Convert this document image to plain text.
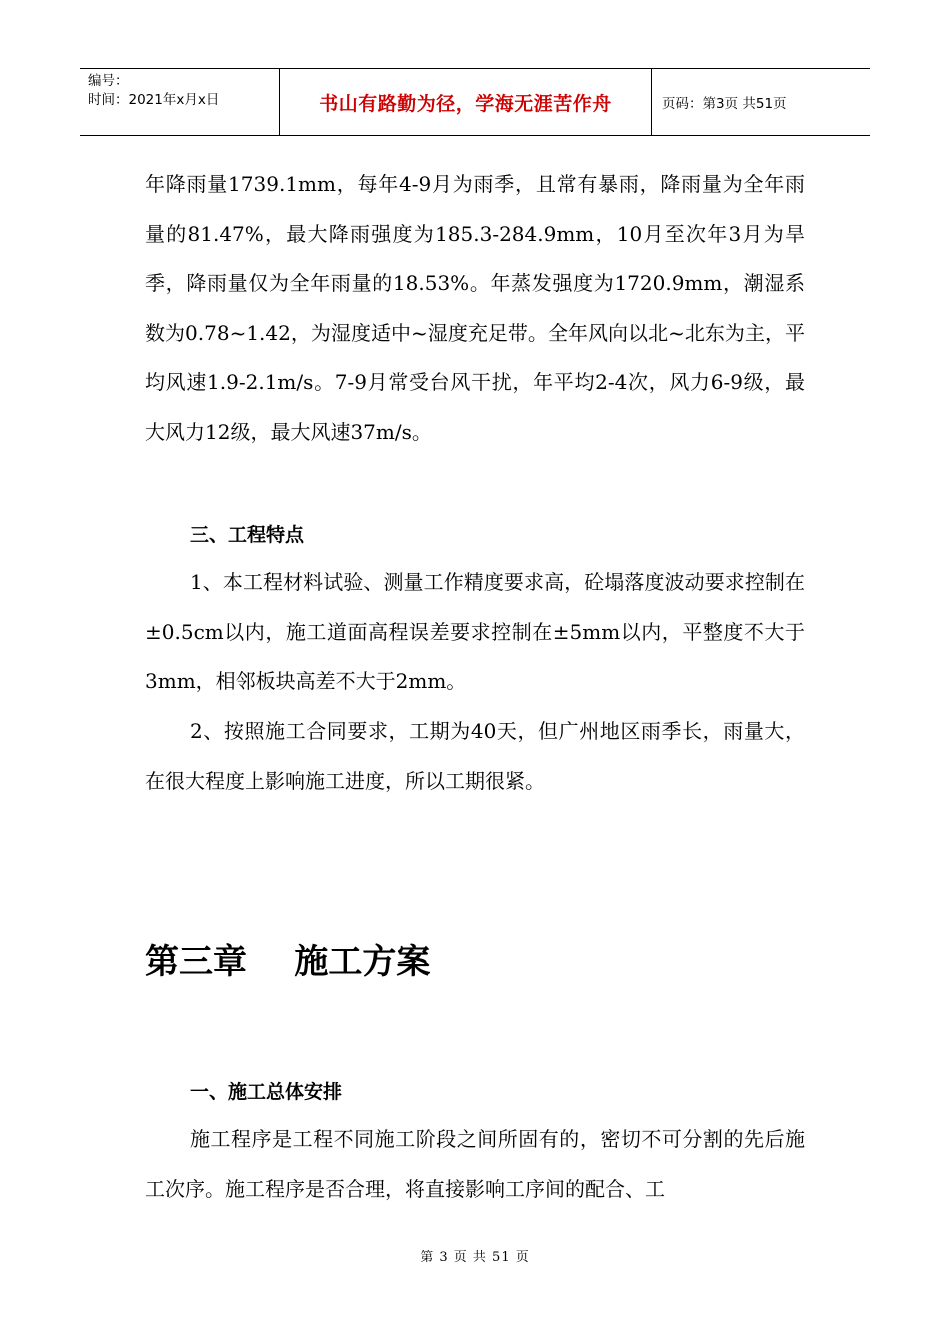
编号：
时间：2021年x月x日	书山有路勤为径，学海无涯苦作舟	页码：第3页 共51页
年降雨量1739.1mm，每年4-9月为雨季，且常有暴雨，降雨量为全年雨量的81.47%，最大降雨强度为185.3-284.9mm，10月至次年3月为旱季，降雨量仅为全年雨量的18.53%。年蒸发强度为1720.9mm，潮湿系数为0.78~1.42，为湿度适中~湿度充足带。全年风向以北~北东为主，平均风速1.9-2.1m/s。7-9月常受台风干扰，年平均2-4次，风力6-9级，最大风力12级，最大风速37m/s。
三、工程特点
1、本工程材料试验、测量工作精度要求高，砼塌落度波动要求控制在±0.5cm以内，施工道面高程误差要求控制在±5mm以内，平整度不大于3mm，相邻板块高差不大于2mm。
2、按照施工合同要求，工期为40天，但广州地区雨季长，雨量大，在很大程度上影响施工进度，所以工期很紧。
第三章    施工方案
一、施工总体安排
施工程序是工程不同施工阶段之间所固有的，密切不可分割的先后施工次序。施工程序是否合理，将直接影响工序间的配合、工
第 3 页 共 51 页
